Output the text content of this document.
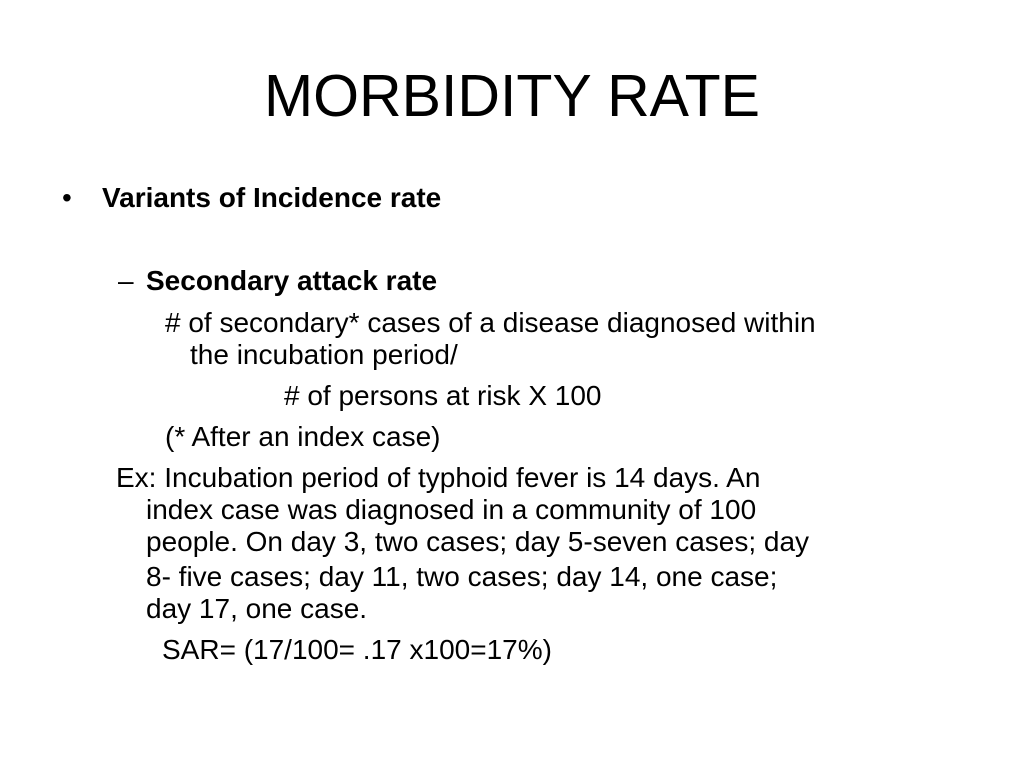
MORBIDITY RATE
• Variants of Incidence rate
– Secondary attack rate
# of secondary* cases of a disease diagnosed within
the incubation period/
# of persons at risk X 100
(* After an index case)
Ex: Incubation period of typhoid fever is 14 days. An
index case was diagnosed in a community of 100
people. On day 3, two cases; day 5-seven cases; day
8- five cases; day 11, two cases; day 14, one case;
day 17, one case.
SAR= (17/100= .17 x100=17%)
